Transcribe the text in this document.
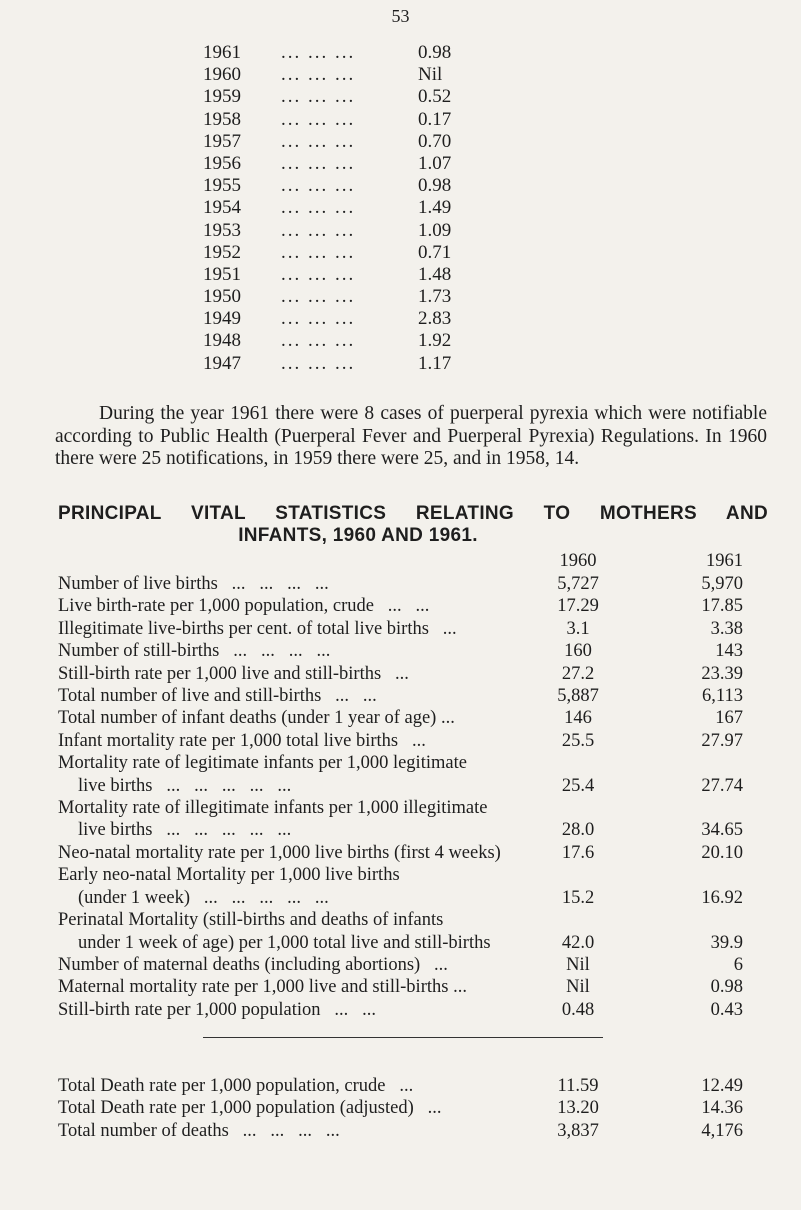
53
1961	... ... ...	0.98
1960	... ... ...	Nil
1959	... ... ...	0.52
1958	... ... ...	0.17
1957	... ... ...	0.70
1956	... ... ...	1.07
1955	... ... ...	0.98
1954	... ... ...	1.49
1953	... ... ...	1.09
1952	... ... ...	0.71
1951	... ... ...	1.48
1950	... ... ...	1.73
1949	... ... ...	2.83
1948	... ... ...	1.92
1947	... ... ...	1.17

During the year 1961 there were 8 cases of puerperal pyrexia which were notifiable according to Public Health (Puerperal Fever and Puerperal Pyrexia) Regulations. In 1960 there were 25 notifications, in 1959 there were 25, and in 1958, 14.

PRINCIPAL VITAL STATISTICS RELATING TO MOTHERS AND
INFANTS, 1960 AND 1961.
1960	1961
Number of live births   ...   ...   ...   ...	5,727	5,970
Live birth-rate per 1,000 population, crude   ...   ...	17.29	17.85
Illegitimate live-births per cent. of total live births   ...	3.1	3.38
Number of still-births   ...   ...   ...   ...	160	143
Still-birth rate per 1,000 live and still-births   ...	27.2	23.39
Total number of live and still-births   ...   ...	5,887	6,113
Total number of infant deaths (under 1 year of age) ...	146	167
Infant mortality rate per 1,000 total live births   ...	25.5	27.97
Mortality rate of legitimate infants per 1,000 legitimate
live births   ...   ...   ...   ...   ...	25.4	27.74
Mortality rate of illegitimate infants per 1,000 illegitimate
live births   ...   ...   ...   ...   ...	28.0	34.65
Neo-natal mortality rate per 1,000 live births (first 4 weeks)	17.6	20.10
Early neo-natal Mortality per 1,000 live births
(under 1 week)   ...   ...   ...   ...   ...	15.2	16.92
Perinatal Mortality (still-births and deaths of infants
under 1 week of age) per 1,000 total live and still-births	42.0	39.9
Number of maternal deaths (including abortions)   ...	Nil	6
Maternal mortality rate per 1,000 live and still-births ...	Nil	0.98
Still-birth rate per 1,000 population   ...   ...	0.48	0.43
Total Death rate per 1,000 population, crude   ...	11.59	12.49
Total Death rate per 1,000 population (adjusted)   ...	13.20	14.36
Total number of deaths   ...   ...   ...   ...	3,837	4,176
